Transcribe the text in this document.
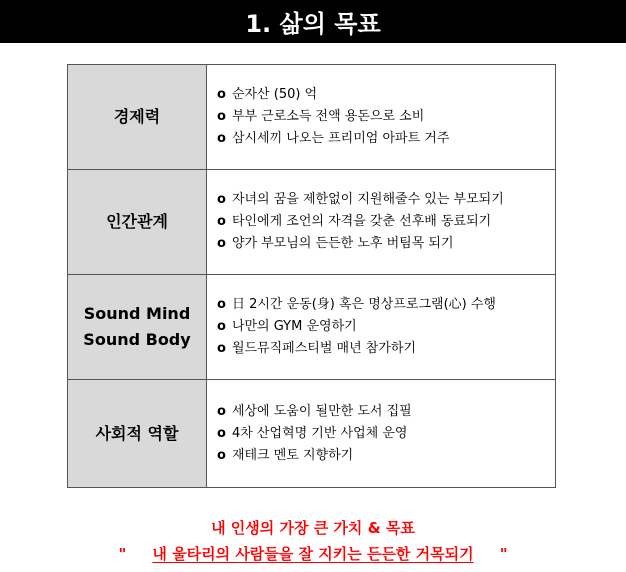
1. 삶의 목표
경제력
o 순자산 (50) 억
o 부부 근로소득 전액 용돈으로 소비
o 삼시세끼 나오는 프리미엄 아파트 거주
인간관계
o 자녀의 꿈을 제한없이 지원해줄수 있는 부모되기
o 타인에게 조언의 자격을 갖춘 선후배 동료되기
o 양가 부모님의 든든한 노후 버팀목 되기
Sound Mind
Sound Body
o 日 2시간 운동(身) 혹은 명상프로그램(心) 수행
o 나만의 GYM 운영하기
o 월드뮤직페스티벌 매년 참가하기
사회적 역할
o 세상에 도움이 될만한 도서 집필
o 4차 산업혁명 기반 사업체 운영
o 재테크 멘토 지향하기
내 인생의 가장 큰 가치 & 목표
" 내 울타리의 사람들을 잘 지키는 든든한 거목되기 "
